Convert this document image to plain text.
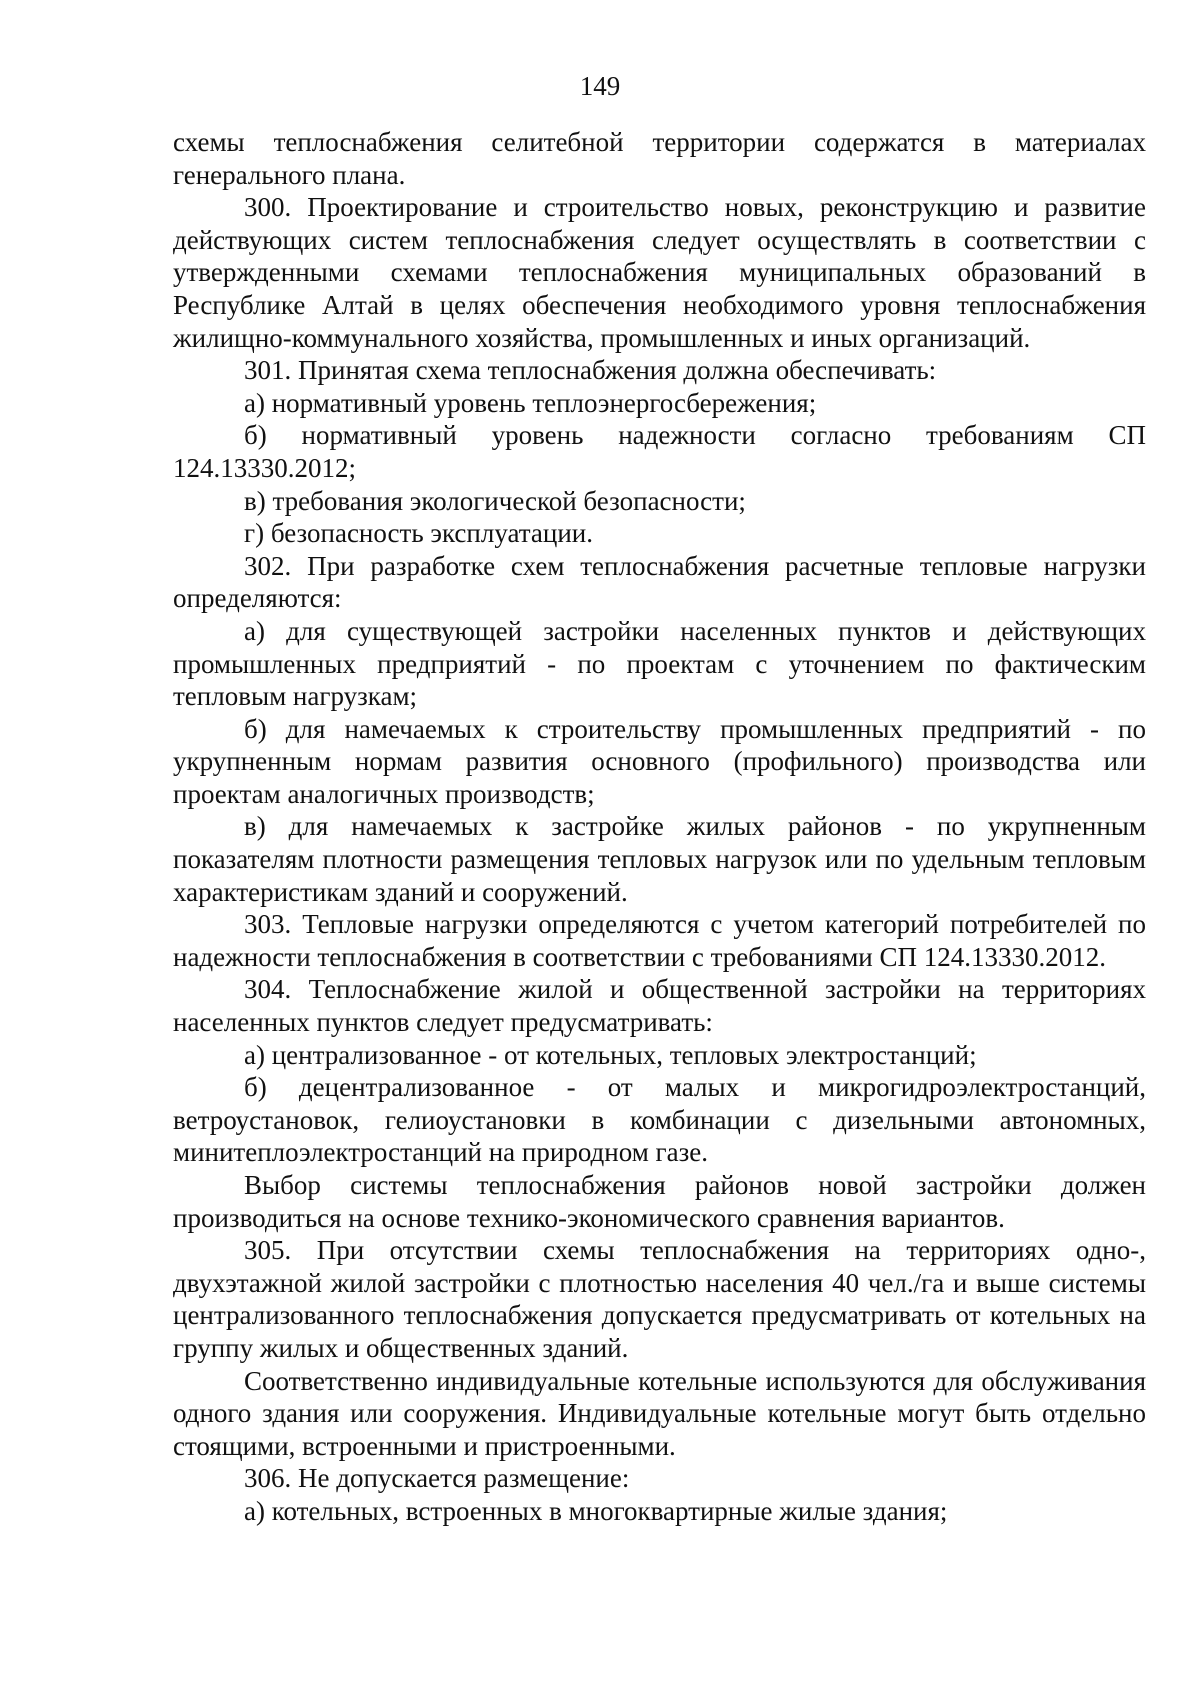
149

схемы теплоснабжения селитебной территории содержатся в материалах генерального плана.

300. Проектирование и строительство новых, реконструкцию и развитие действующих систем теплоснабжения следует осуществлять в соответствии с утвержденными схемами теплоснабжения муниципальных образований в Республике Алтай в целях обеспечения необходимого уровня теплоснабжения жилищно-коммунального хозяйства, промышленных и иных организаций.

301. Принятая схема теплоснабжения должна обеспечивать:

а) нормативный уровень теплоэнергосбережения;

б) нормативный уровень надежности согласно требованиям СП 124.13330.2012;

в) требования экологической безопасности;

г) безопасность эксплуатации.

302. При разработке схем теплоснабжения расчетные тепловые нагрузки определяются:

а) для существующей застройки населенных пунктов и действующих промышленных предприятий - по проектам с уточнением по фактическим тепловым нагрузкам;

б) для намечаемых к строительству промышленных предприятий - по укрупненным нормам развития основного (профильного) производства или проектам аналогичных производств;

в) для намечаемых к застройке жилых районов - по укрупненным показателям плотности размещения тепловых нагрузок или по удельным тепловым характеристикам зданий и сооружений.

303. Тепловые нагрузки определяются с учетом категорий потребителей по надежности теплоснабжения в соответствии с требованиями СП 124.13330.2012.

304. Теплоснабжение жилой и общественной застройки на территориях населенных пунктов следует предусматривать:

а) централизованное - от котельных, тепловых электростанций;

б) децентрализованное - от малых и микрогидроэлектростанций, ветроустановок, гелиоустановки в комбинации с дизельными автономных, минитеплоэлектростанций на природном газе.

Выбор системы теплоснабжения районов новой застройки должен производиться на основе технико-экономического сравнения вариантов.

305. При отсутствии схемы теплоснабжения на территориях одно-, двухэтажной жилой застройки с плотностью населения 40 чел./га и выше системы централизованного теплоснабжения допускается предусматривать от котельных на группу жилых и общественных зданий.

Соответственно индивидуальные котельные используются для обслуживания одного здания или сооружения. Индивидуальные котельные могут быть отдельно стоящими, встроенными и пристроенными.

306. Не допускается размещение:

а) котельных, встроенных в многоквартирные жилые здания;
